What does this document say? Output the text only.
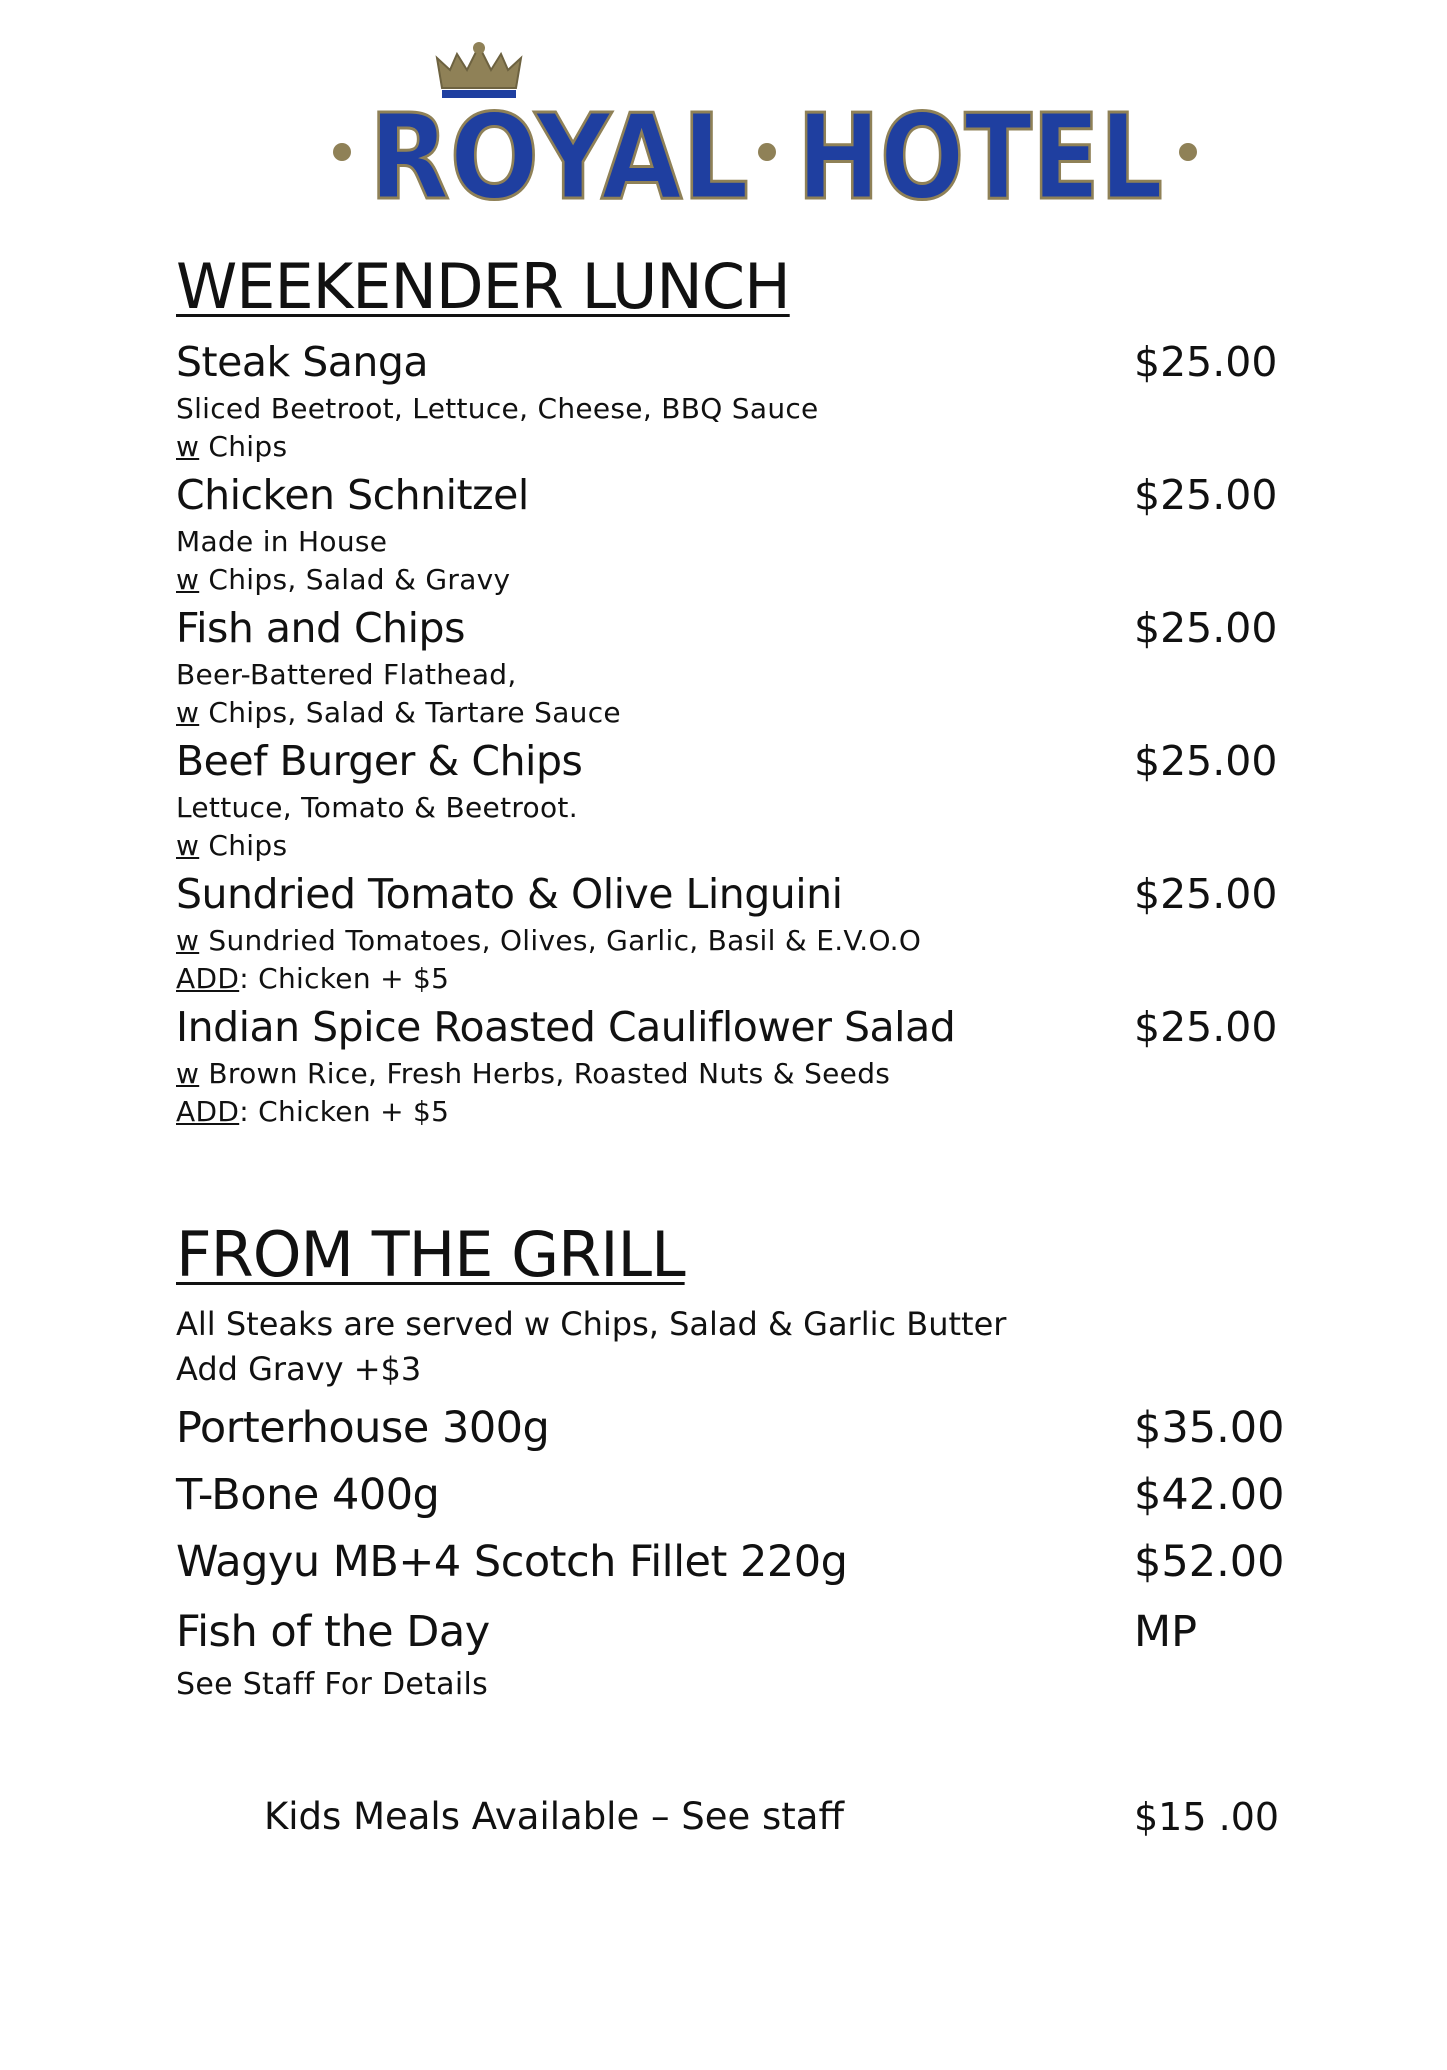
ROYAL HOTEL
WEEKENDER LUNCH
Steak Sanga	$25.00
Sliced Beetroot, Lettuce, Cheese, BBQ Sauce
w Chips
Chicken Schnitzel	$25.00
Made in House
w Chips, Salad & Gravy
Fish and Chips	$25.00
Beer-Battered Flathead,
w Chips, Salad & Tartare Sauce
Beef Burger & Chips	$25.00
Lettuce, Tomato & Beetroot.
w Chips
Sundried Tomato & Olive Linguini	$25.00
w Sundried Tomatoes, Olives, Garlic, Basil & E.V.O.O
ADD: Chicken + $5
Indian Spice Roasted Cauliflower Salad	$25.00
w Brown Rice, Fresh Herbs, Roasted Nuts & Seeds
ADD: Chicken + $5
FROM THE GRILL
All Steaks are served w Chips, Salad & Garlic Butter
Add Gravy +$3
Porterhouse 300g	$35.00
T-Bone 400g	$42.00
Wagyu MB+4 Scotch Fillet 220g	$52.00
Fish of the Day	MP
See Staff For Details
Kids Meals Available – See staff	$15 .00
